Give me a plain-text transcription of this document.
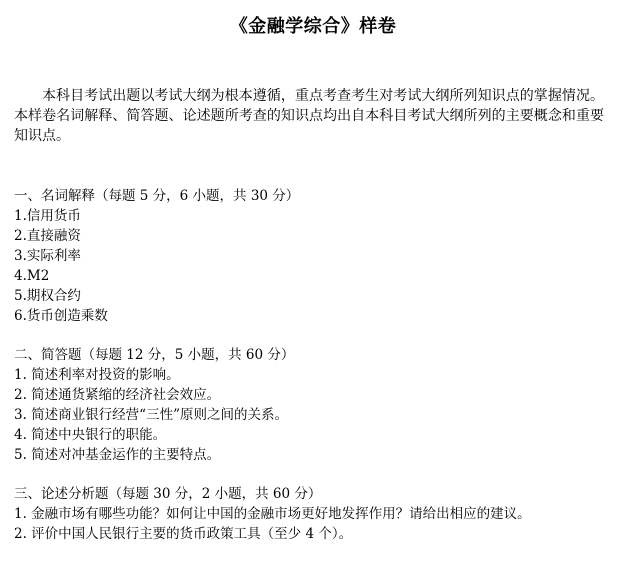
《金融学综合》样卷
本科目考试出题以考试大纲为根本遵循，重点考查考生对考试大纲所列知识点的掌握情况。本样卷名词解释、简答题、论述题所考查的知识点均出自本科目考试大纲所列的主要概念和重要知识点。
一、名词解释（每题 5 分，6 小题，共 30 分）
1.信用货币
2.直接融资
3.实际利率
4.M2
5.期权合约
6.货币创造乘数
二、简答题（每题 12 分，5 小题，共 60 分）
1. 简述利率对投资的影响。
2. 简述通货紧缩的经济社会效应。
3. 简述商业银行经营“三性”原则之间的关系。
4. 简述中央银行的职能。
5. 简述对冲基金运作的主要特点。
三、论述分析题（每题 30 分，2 小题，共 60 分）
1. 金融市场有哪些功能？如何让中国的金融市场更好地发挥作用？请给出相应的建议。
2. 评价中国人民银行主要的货币政策工具（至少 4 个）。
